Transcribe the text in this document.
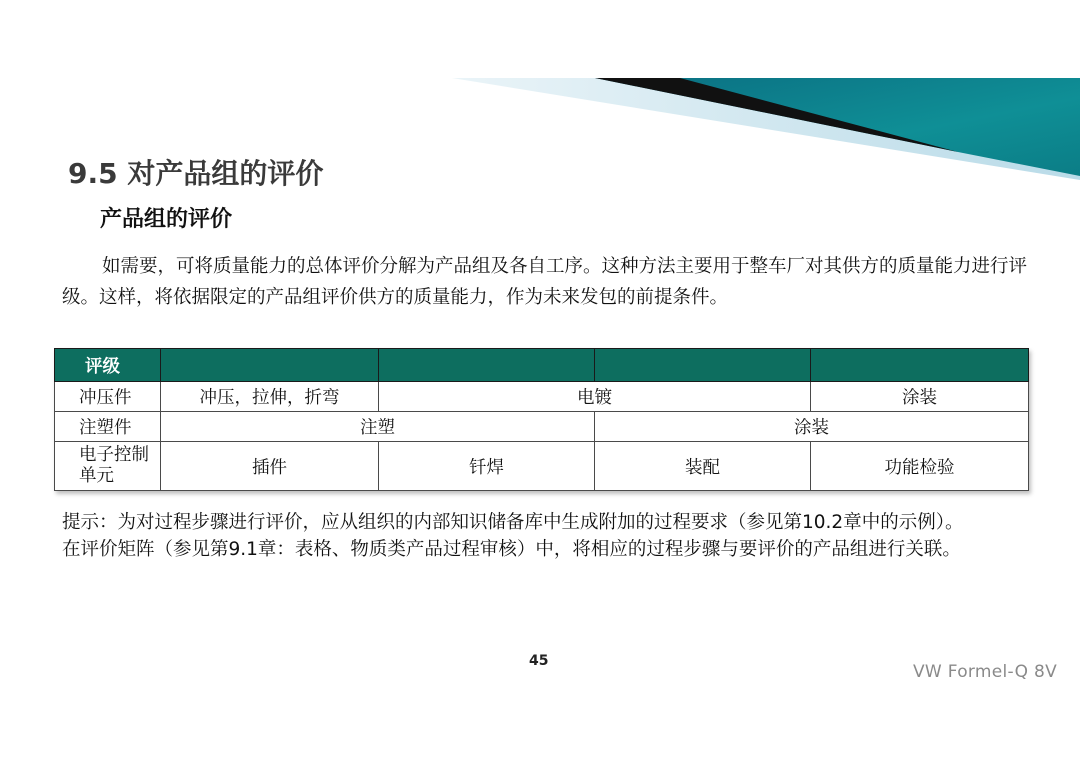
9.5 对产品组的评价
产品组的评价
如需要，可将质量能力的总体评价分解为产品组及各自工序。这种方法主要用于整车厂对其供方的质量能力进行评级。这样，将依据限定的产品组评价供方的质量能力，作为未来发包的前提条件。
评级				
冲压件	冲压，拉伸，折弯	电镀		涂装
注塑件	注塑		涂装	
电子控制单元	插件	钎焊	装配	功能检验

提示：为对过程步骤进行评价，应从组织的内部知识储备库中生成附加的过程要求（参见第10.2章中的示例）。

在评价矩阵（参见第9.1章：表格、物质类产品过程审核）中，将相应的过程步骤与要评价的产品组进行关联。

45
VW Formel-Q 8V
